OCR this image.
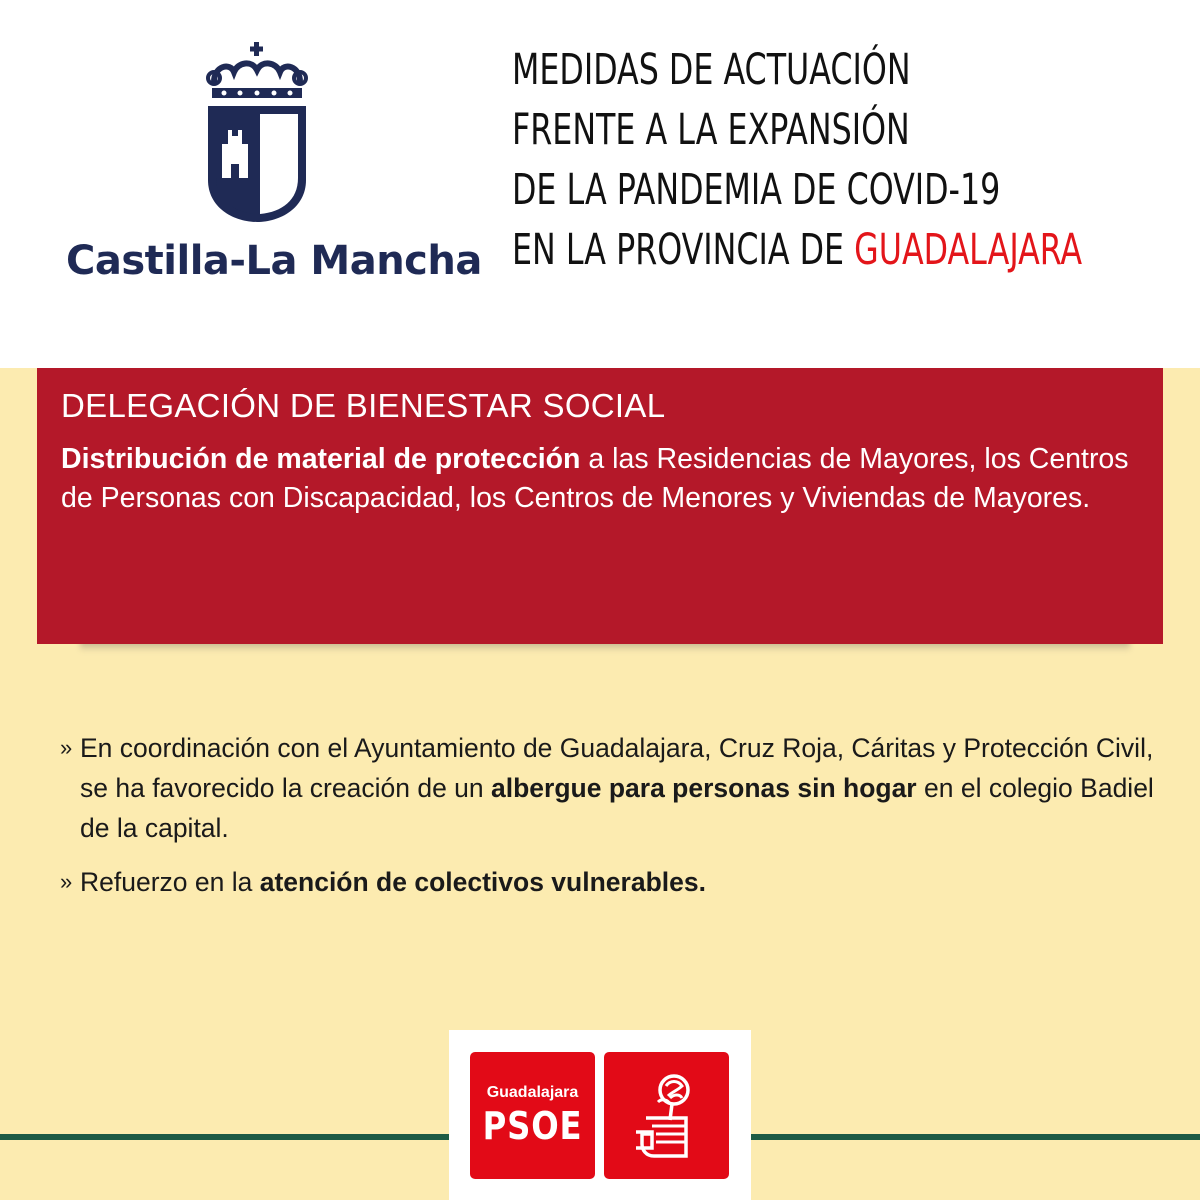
Castilla-La Mancha
MEDIDAS DE ACTUACIÓN
FRENTE A LA EXPANSIÓN
DE LA PANDEMIA DE COVID-19
EN LA PROVINCIA DE GUADALAJARA
DELEGACIÓN DE BIENESTAR SOCIAL
Distribución de material de protección a las Residencias de Mayores, los Centros de Personas con Discapacidad, los Centros de Menores y Viviendas de Mayores.
» En coordinación con el Ayuntamiento de Guadalajara, Cruz Roja, Cáritas y Protección Civil, se ha favorecido la creación de un albergue para personas sin hogar en el colegio Badiel de la capital.
» Refuerzo en la atención de colectivos vulnerables.
Guadalajara
PSOE
